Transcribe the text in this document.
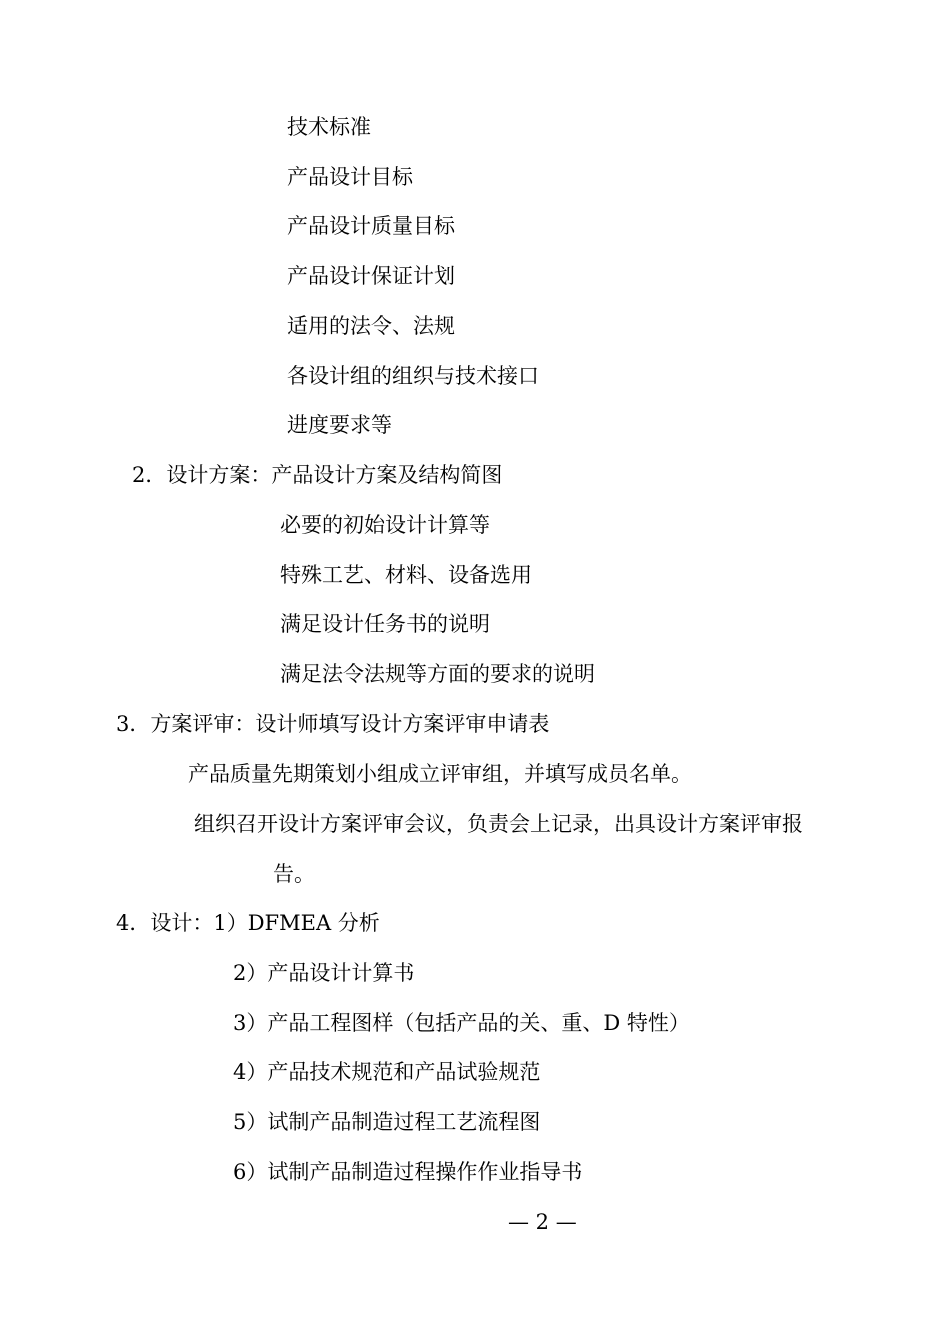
技术标准
产品设计目标
产品设计质量目标
产品设计保证计划
适用的法令、法规
各设计组的组织与技术接口
进度要求等
2．设计方案：产品设计方案及结构简图
必要的初始设计计算等
特殊工艺、材料、设备选用
满足设计任务书的说明
满足法令法规等方面的要求的说明
3．方案评审：设计师填写设计方案评审申请表
产品质量先期策划小组成立评审组，并填写成员名单。
组织召开设计方案评审会议，负责会上记录，出具设计方案评审报
告。
4．设计：1）DFMEA 分析
2）产品设计计算书
3）产品工程图样（包括产品的关、重、D 特性）
4）产品技术规范和产品试验规范
5）试制产品制造过程工艺流程图
6）试制产品制造过程操作作业指导书
— 2 —
